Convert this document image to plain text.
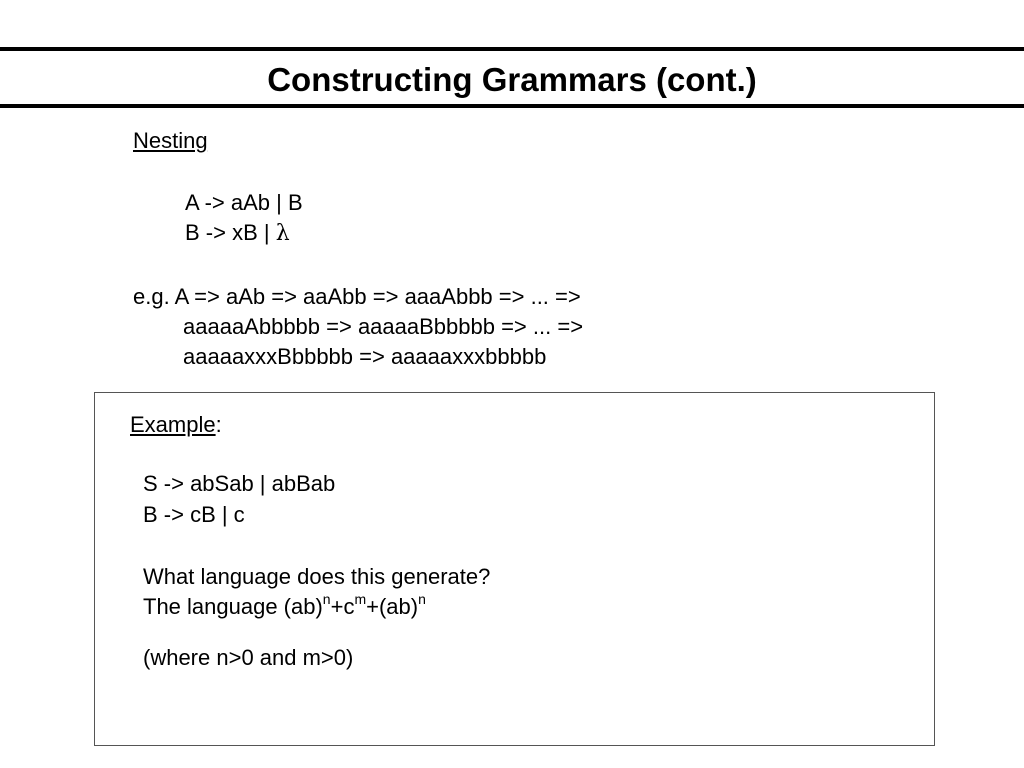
Constructing Grammars (cont.)
Nesting
A -> aAb | B
B -> xB | λ
e.g. A => aAb => aaAbb => aaaAbbb => ... =>
aaaaaAbbbbb => aaaaaBbbbbb => ... =>
aaaaaxxxBbbbbb => aaaaaxxxbbbbb
Example:
S -> abSab | abBab
B -> cB | c
What language does this generate?
The language $(ab)^n+c^m+(ab)^n$
(where n>0 and m>0)
